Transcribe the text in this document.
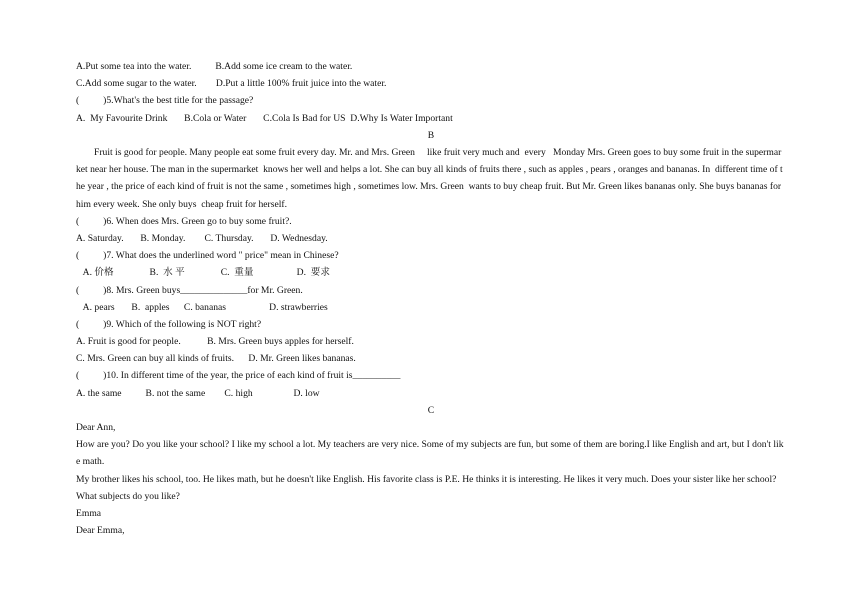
A.Put some tea into the water.          B.Add some ice cream to the water.
C.Add some sugar to the water.        D.Put a little 100% fruit juice into the water.
(          )5.What's the best title for the passage?
A.  My Favourite Drink       B.Cola or Water       C.Cola Is Bad for US  D.Why Is Water Important
B
Fruit is good for people. Many people eat some fruit every day. Mr. and Mrs. Green     like fruit very much and  every   Monday Mrs. Green goes to buy some fruit in the supermarket near her house. The man in the supermarket  knows her well and helps a lot. She can buy all kinds of fruits there , such as apples , pears , oranges and bananas. In  different time of the year , the price of each kind of fruit is not the same , sometimes high , sometimes low. Mrs. Green  wants to buy cheap fruit. But Mr. Green likes bananas only. She buys bananas for him every week. She only buys  cheap fruit for herself.
(          )6. When does Mrs. Green go to buy some fruit?.
A. Saturday.       B. Monday.        C. Thursday.       D. Wednesday.
(          )7. What does the underlined word " price" mean in Chinese?
A. 价格               B.  水 平               C.  重量                  D.  要求
(          )8. Mrs. Green buys______________for Mr. Green.
A. pears       B.  apples      C. bananas                  D. strawberries
(          )9. Which of the following is NOT right?
A. Fruit is good for people.           B. Mrs. Green buys apples for herself.
C. Mrs. Green can buy all kinds of fruits.      D. Mr. Green likes bananas.
(          )10. In different time of the year, the price of each kind of fruit is__________
A. the same          B. not the same        C. high                 D. low
C
Dear Ann,
How are you? Do you like your school? I like my school a lot. My teachers are very nice. Some of my subjects are fun, but some of them are boring.I like English and art, but I don't like math.
My brother likes his school, too. He likes math, but he doesn't like English. His favorite class is P.E. He thinks it is interesting. He likes it very much. Does your sister like her school? What subjects do you like?
Emma
Dear Emma,
